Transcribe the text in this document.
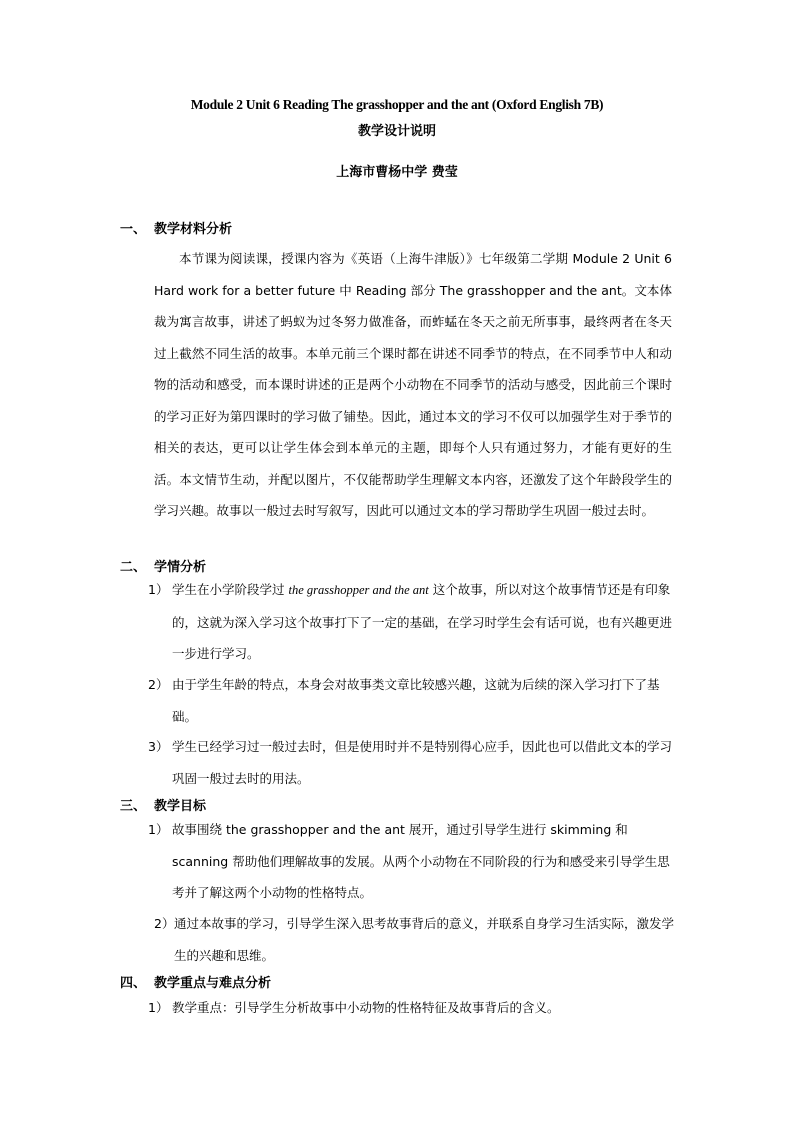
Module 2 Unit 6 Reading The grasshopper and the ant (Oxford English 7B)
教学设计说明
上海市曹杨中学 费莹
一、 教学材料分析

本节课为阅读课，授课内容为《英语（上海牛津版）》七年级第二学期 Module 2 Unit 6 Hard work for a better future 中 Reading 部分 The grasshopper and the ant。文本体裁为寓言故事，讲述了蚂蚁为过冬努力做准备，而蚱蜢在冬天之前无所事事，最终两者在冬天过上截然不同生活的故事。本单元前三个课时都在讲述不同季节的特点，在不同季节中人和动物的活动和感受，而本课时讲述的正是两个小动物在不同季节的活动与感受，因此前三个课时的学习正好为第四课时的学习做了铺垫。因此，通过本文的学习不仅可以加强学生对于季节的相关的表达，更可以让学生体会到本单元的主题，即每个人只有通过努力，才能有更好的生活。本文情节生动，并配以图片，不仅能帮助学生理解文本内容，还激发了这个年龄段学生的学习兴趣。故事以一般过去时写叙写，因此可以通过文本的学习帮助学生巩固一般过去时。

二、 学情分析
1） 学生在小学阶段学过 the grasshopper and the ant 这个故事，所以对这个故事情节还是有印象的，这就为深入学习这个故事打下了一定的基础，在学习时学生会有话可说，也有兴趣更进一步进行学习。
2） 由于学生年龄的特点，本身会对故事类文章比较感兴趣，这就为后续的深入学习打下了基础。
3） 学生已经学习过一般过去时，但是使用时并不是特别得心应手，因此也可以借此文本的学习巩固一般过去时的用法。
三、 教学目标
1） 故事围绕 the grasshopper and the ant 展开，通过引导学生进行 skimming 和 scanning 帮助他们理解故事的发展。从两个小动物在不同阶段的行为和感受来引导学生思考并了解这两个小动物的性格特点。
2） 通过本故事的学习，引导学生深入思考故事背后的意义，并联系自身学习生活实际，激发学生的兴趣和思维。
四、 教学重点与难点分析
1） 教学重点：引导学生分析故事中小动物的性格特征及故事背后的含义。
